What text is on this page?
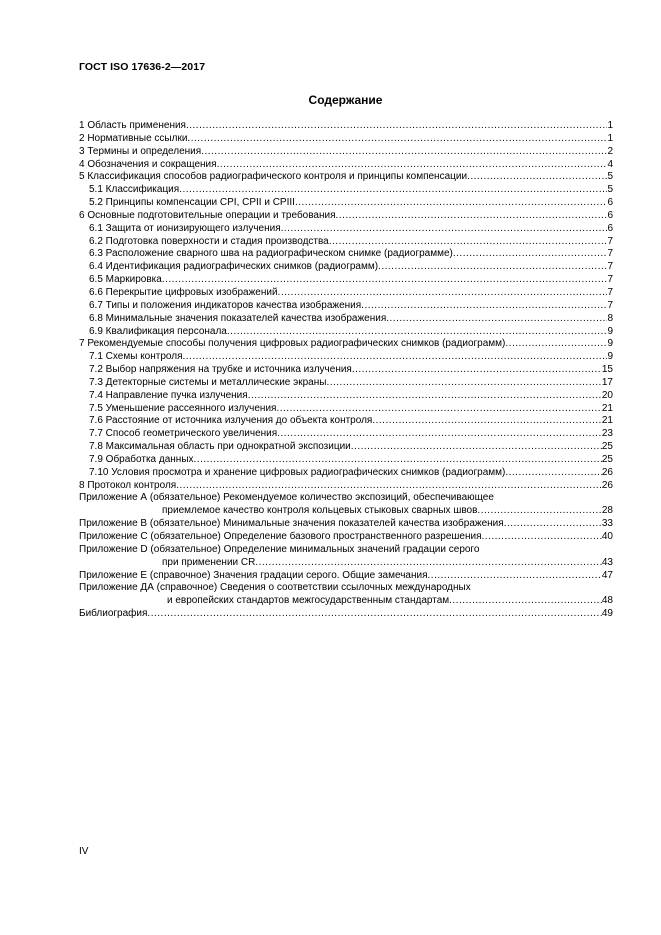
ГОСТ ISO 17636-2—2017
Содержание
1 Область применения .....	1
2 Нормативные ссылки .....	1
3 Термины и определения .....	2
4 Обозначения и сокращения .....	4
5 Классификация способов радиографического контроля и принципы компенсации .....	5
5.1 Классификация .....	5
5.2 Принципы компенсации CPI, CPII и CPIII .....	6
6 Основные подготовительные операции и требования .....	6
6.1 Защита от ионизирующего излучения .....	6
6.2 Подготовка поверхности и стадия производства .....	7
6.3 Расположение сварного шва на радиографическом снимке (радиограмме) .....	7
6.4 Идентификация радиографических снимков (радиограмм) .....	7
6.5 Маркировка .....	7
6.6 Перекрытие цифровых изображений .....	7
6.7 Типы и положения индикаторов качества изображения .....	7
6.8 Минимальные значения показателей качества изображения .....	8
6.9 Квалификация персонала .....	9
7 Рекомендуемые способы получения цифровых радиографических снимков (радиограмм) .....	9
7.1 Схемы контроля .....	9
7.2 Выбор напряжения на трубке и источника излучения .....	15
7.3 Детекторные системы и металлические экраны .....	17
7.4 Направление пучка излучения .....	20
7.5 Уменьшение рассеянного излучения .....	21
7.6 Расстояние от источника излучения до объекта контроля .....	21
7.7 Способ геометрического увеличения .....	23
7.8 Максимальная область при однократной экспозиции .....	25
7.9 Обработка данных .....	25
7.10 Условия просмотра и хранение цифровых радиографических снимков (радиограмм) .....	26
8 Протокол контроля .....	26
Приложение А (обязательное) Рекомендуемое количество экспозиций, обеспечивающее
приемлемое качество контроля кольцевых стыковых сварных швов .....	28
Приложение В (обязательное) Минимальные значения показателей качества изображения .....	33
Приложение С (обязательное) Определение базового пространственного разрешения .....	40
Приложение D (обязательное) Определение минимальных значений градации серого
при применении CR .....	43
Приложение Е (справочное) Значения градации серого. Общие замечания .....	47
Приложение ДА (справочное) Сведения о соответствии ссылочных международных
и европейских стандартов межгосударственным стандартам .....	48
Библиография .....	49
IV
